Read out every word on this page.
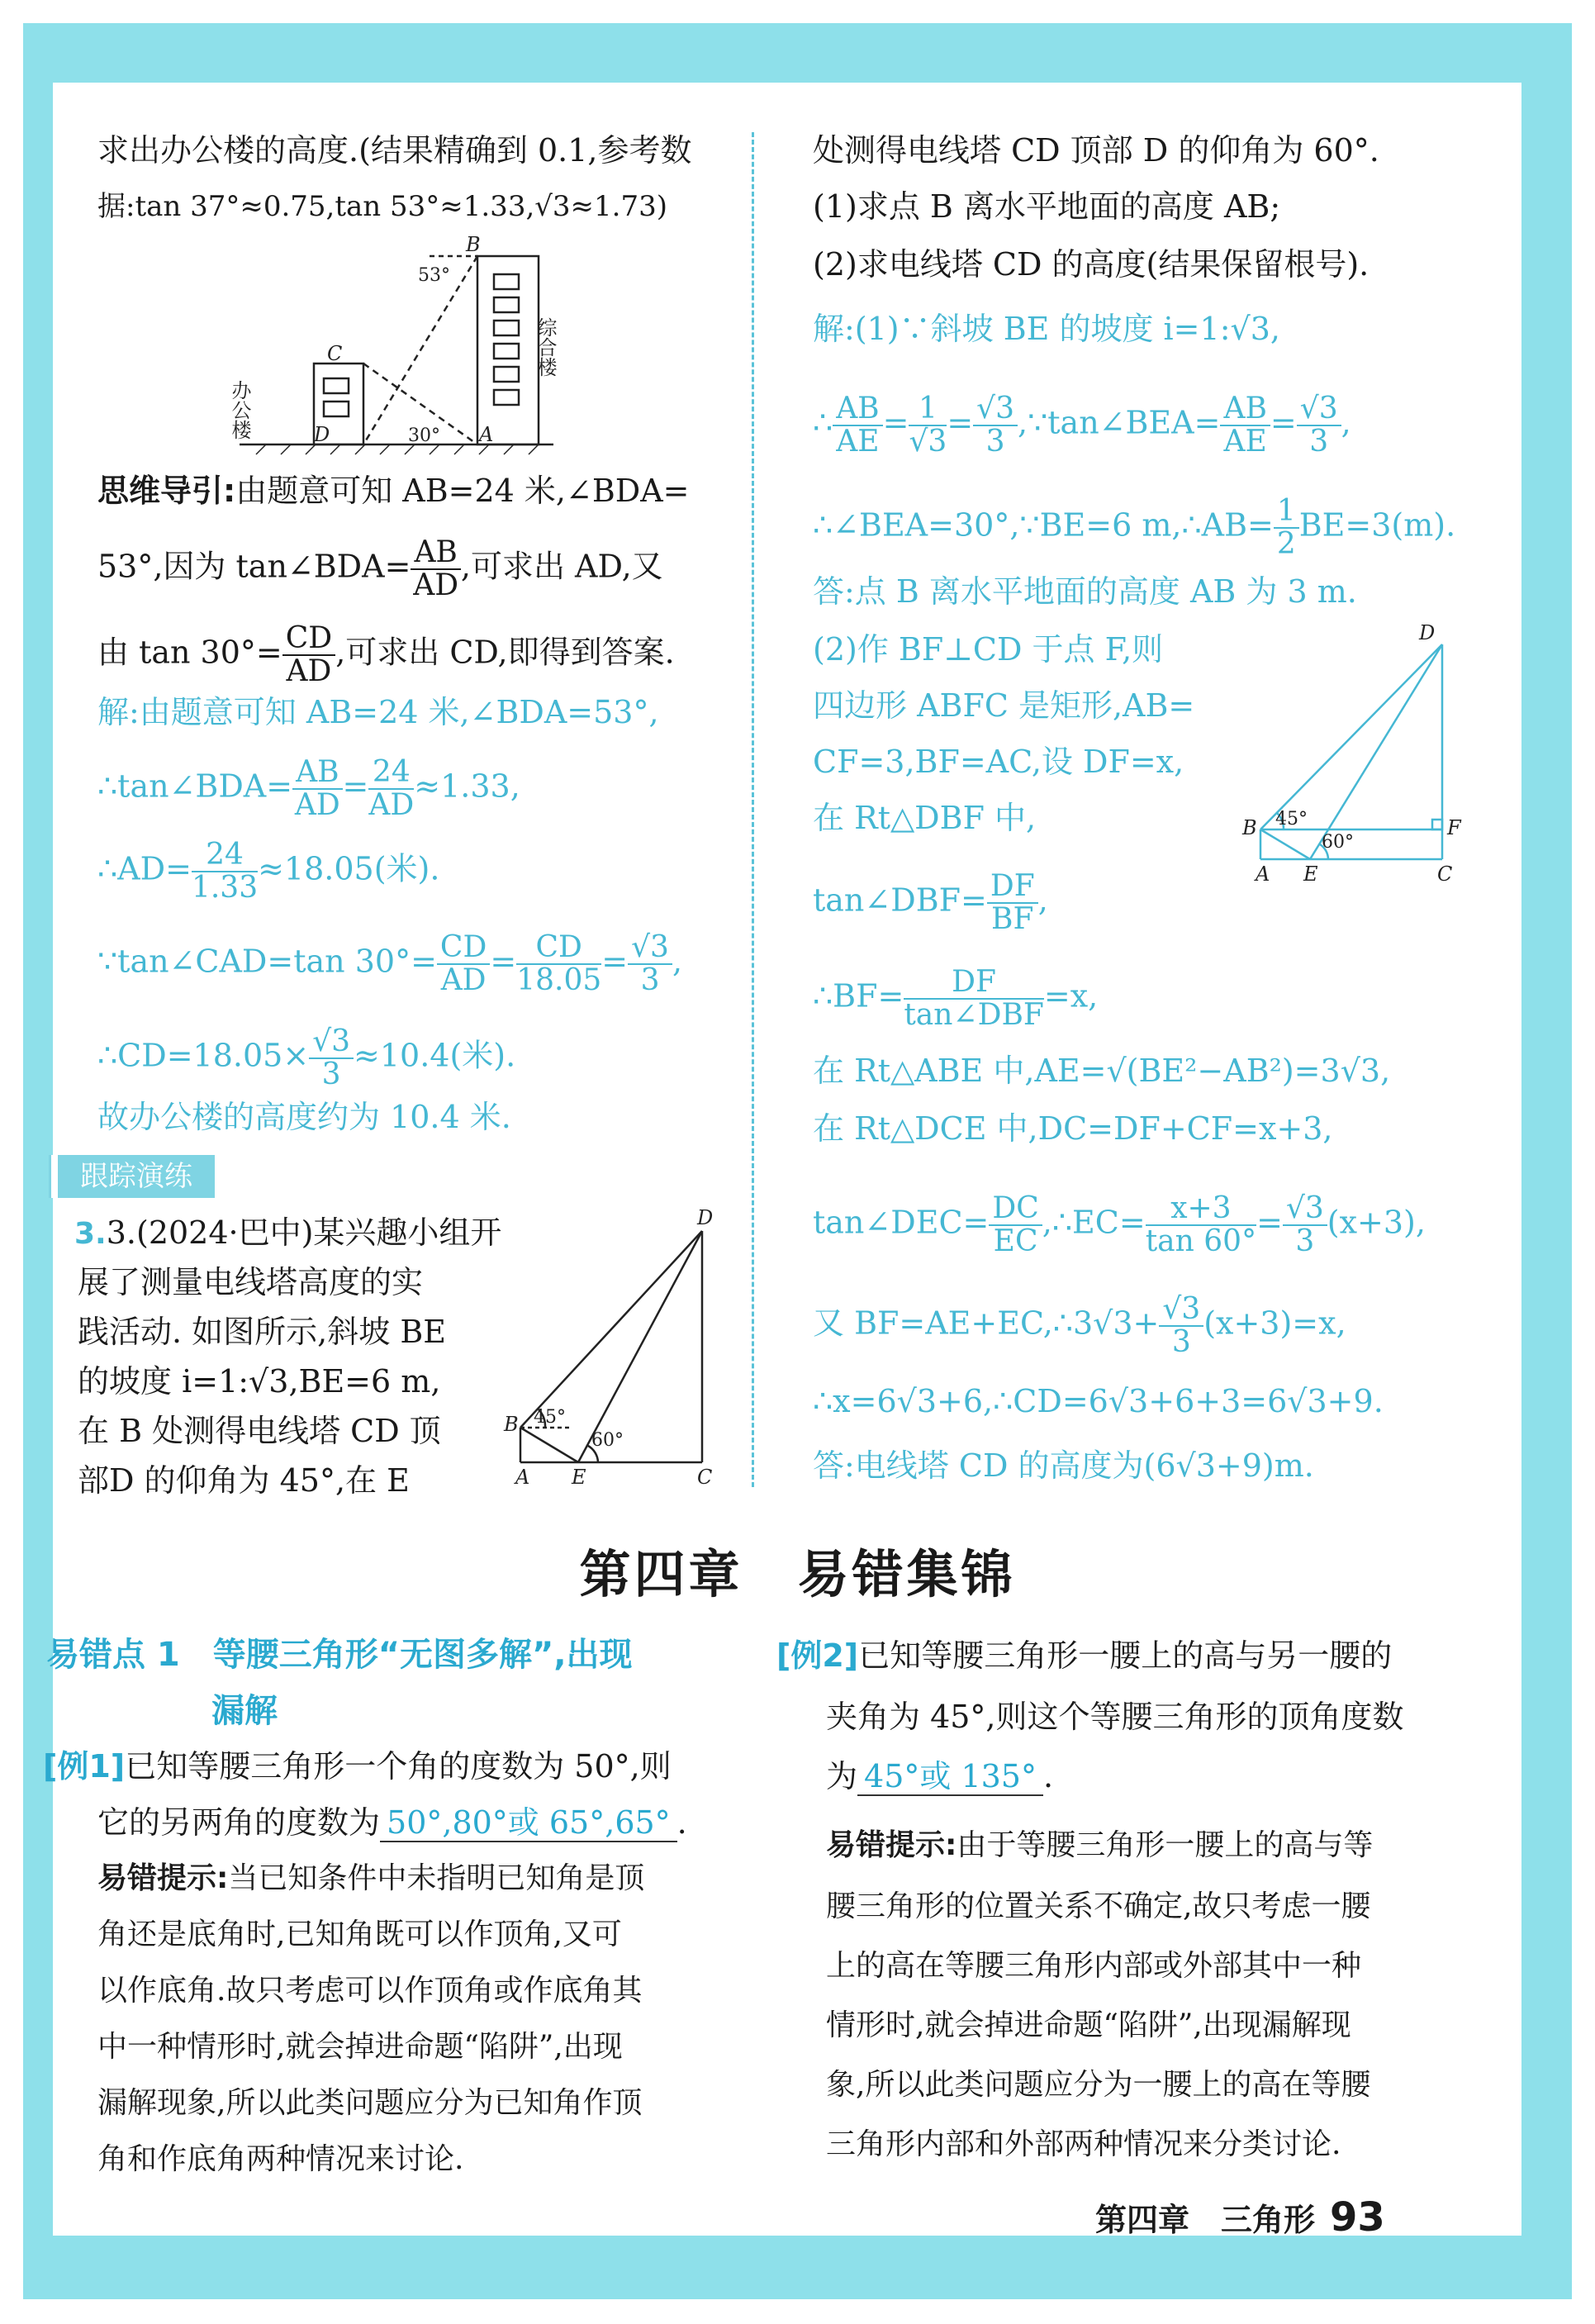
求出办公楼的高度.(结果精确到 0.1,参考数
据:tan 37°≈0.75,tan 53°≈1.33,√3≈1.73)
B
C
D	A
53°
30°
办公楼
综合楼
思维导引:由题意可知 AB=24 米,∠BDA=
53°,因为 tan∠BDA= $\frac{AB}{AD}$ ,可求出 AD,又
由 $\tan 30^\circ= \frac{CD}{AD}$ ,可求出 CD,即得到答案.
解:由题意可知 AB=24 米,∠BDA=53°,
∴tan∠BDA= $\frac{AB}{AD} = \frac{24}{AD} \approx 1.33$,
∴AD= $\frac{24}{1.33} \approx 18.05$(米).
∵tan∠CAD=tan $30^\circ= \frac{CD}{AD} = \frac{CD}{18.05} = \frac{√3}{3}$ ,
∴CD=18.05× $\frac{√3}{3} \approx 10.4$(米).
故办公楼的高度约为 10.4 米.
跟踪演练
3.3.(2024·巴中)某兴趣小组开
展了测量电线塔高度的实
践活动. 如图所示,斜坡 BE
的坡度 i=1:√3,BE=6 m,
在 B 处测得电线塔 CD 顶
部D 的仰角为 45°,在 E
D
B
A E	C
45°
60°
处测得电线塔 CD 顶部 D 的仰角为 60°.
(1)求点 B 离水平地面的高度 AB;
(2)求电线塔 CD 的高度(结果保留根号).
解:(1)∵斜坡 BE 的坡度 i=1:√3,
∴ $\frac{AB}{AE} = \frac{1}{√3} = \frac{√3}{3}$ ,∵tan∠BEA= $\frac{AB}{AE} = \frac{√3}{3}$ ,
∴∠BEA=30°,∵BE=6 m,∴AB= $\frac{1}{2} BE=3(m)$.
答:点 B 离水平地面的高度 AB 为 3 m.
(2)作 BF⊥CD 于点 F,则
四边形 ABFC 是矩形,AB=
CF=3,BF=AC,设 DF=x,
在 Rt△DBF 中,
tan∠DBF= $\frac{DF}{BF}$ ,
∴BF= $\frac{DF}{\text{tan∠DBF}} =x$,
在 Rt△ABE 中,AE=√(BE²−AB²)=3√3,
在 Rt△DCE 中,DC=DF+CF=x+3,
tan∠DEC= $\frac{DC}{EC}$ ,∴EC= $\frac{x+3}{\tan 60^\circ} = \frac{√3}{3} (x+3)$,
又 BF=AE+EC,∴3√3+ $\frac{√3}{3} (x+3)=x$,
∴x=6√3+6,∴CD=6√3+6+3=6√3+9.
答:电线塔 CD 的高度为(6√3+9)m.
D
B	F
A E	C
45°
60°
第四章　易错集锦
易错点 1　等腰三角形“无图多解”,出现
漏解
[例1]已知等腰三角形一个角的度数为 50°,则
它的另两角的度数为 50°,80°或 65°,65° .
易错提示:当已知条件中未指明已知角是顶
角还是底角时,已知角既可以作顶角,又可
以作底角.故只考虑可以作顶角或作底角其
中一种情形时,就会掉进命题“陷阱”,出现
漏解现象,所以此类问题应分为已知角作顶
角和作底角两种情况来讨论.
[例2]已知等腰三角形一腰上的高与另一腰的
夹角为 45°,则这个等腰三角形的顶角度数
为 45°或 135° .
易错提示:由于等腰三角形一腰上的高与等
腰三角形的位置关系不确定,故只考虑一腰
上的高在等腰三角形内部或外部其中一种
情形时,就会掉进命题“陷阱”,出现漏解现
象,所以此类问题应分为一腰上的高在等腰
三角形内部和外部两种情况来分类讨论.
第四章　三角形 93
